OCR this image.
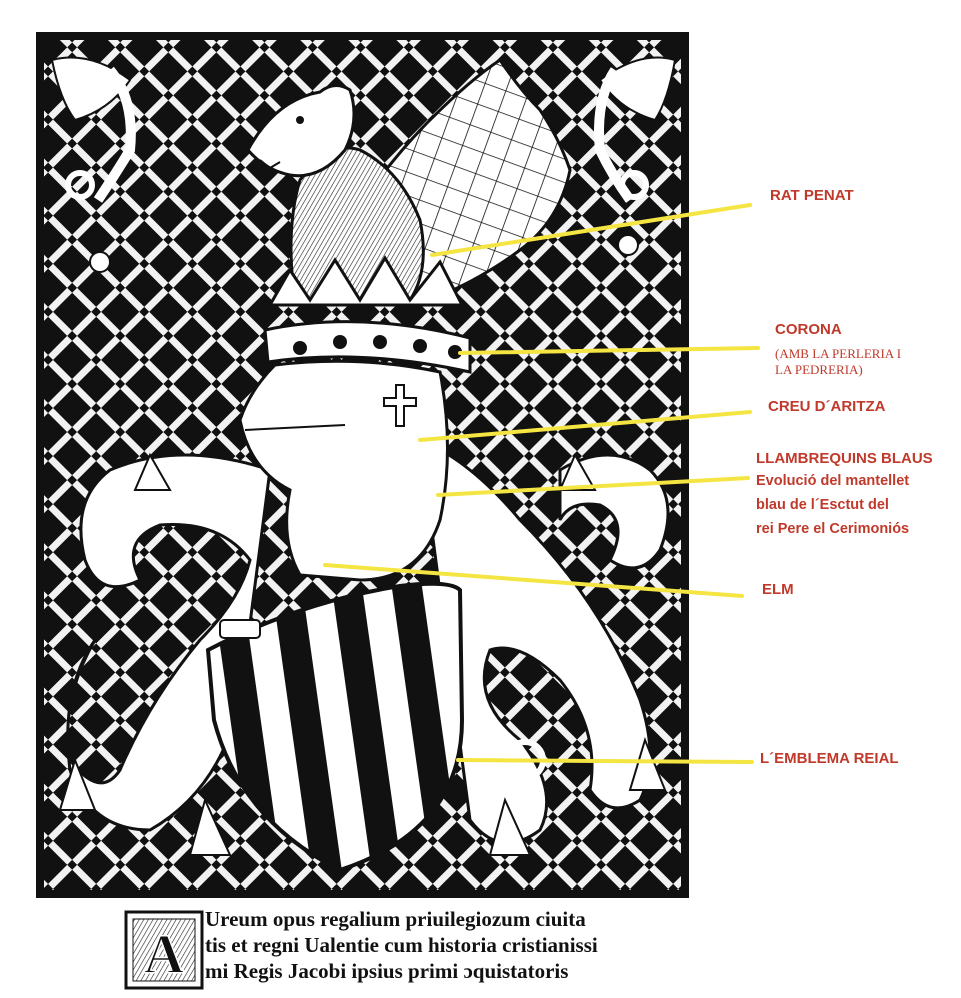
A

RAT PENAT

CORONA

(AMB LA PERLERIA I

LA PEDRERIA)

CREU D´ARITZA

LLAMBREQUINS BLAUS

Evolució del mantellet

blau de l´Esctut del

rei Pere el Cerimoniós

ELM

L´EMBLEMA REIAL

Ureum opus regalium priuilegiozum ciuita
tis et regni Ualentie cum historia cristianissi
mi Regis Jacobi ipsius primi ɔquistatoris
